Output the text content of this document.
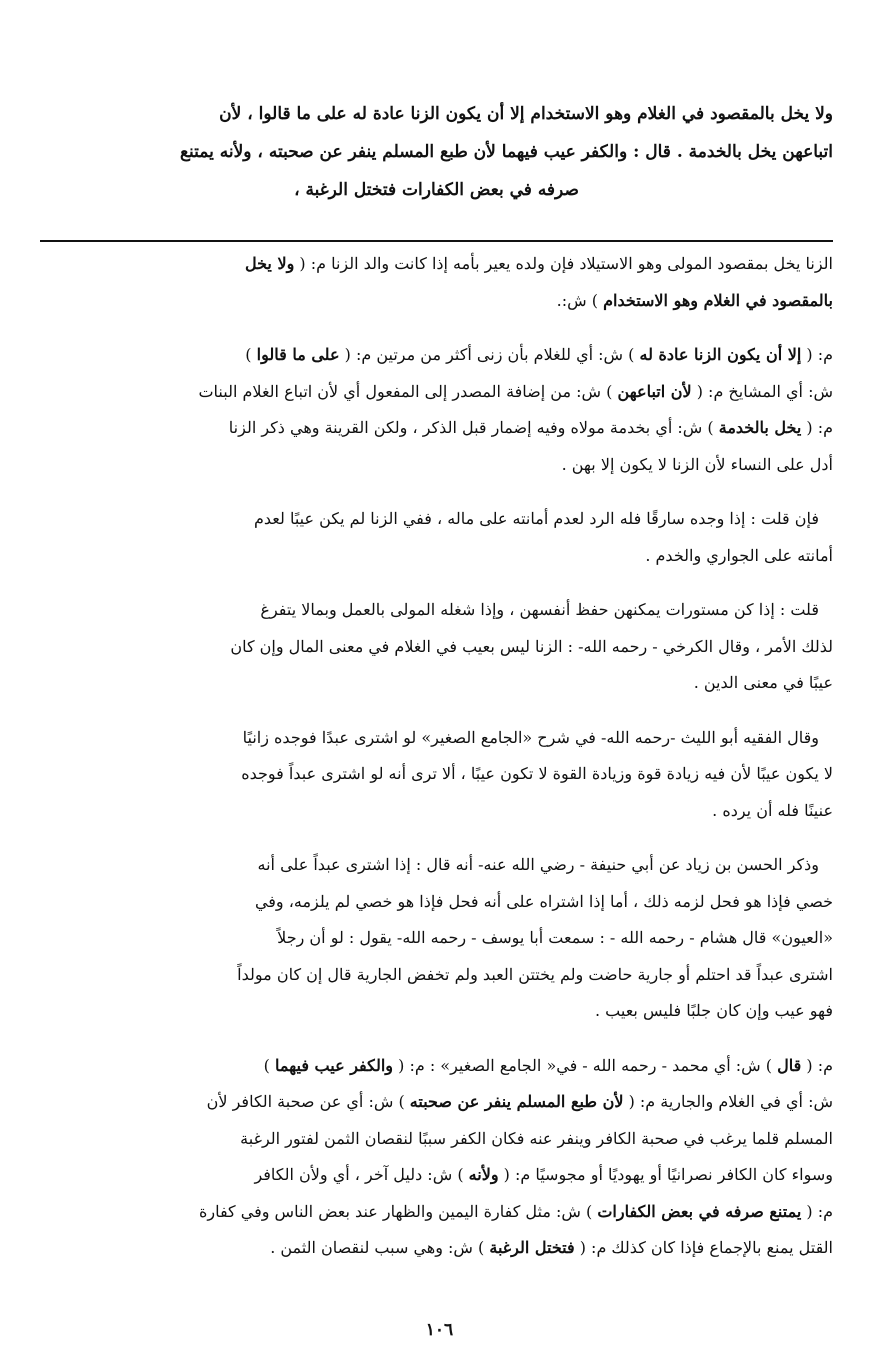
ولا يخل بالمقصود في الغلام وهو الاستخدام إلا أن يكون الزنا عادة له على ما قالوا ، لأن

اتباعهن يخل بالخدمة . قال : والكفر عيب فيهما لأن طبع المسلم ينفر عن صحبته ، ولأنه يمتنع

صرفه في بعض الكفارات فتختل الرغبة ،

الزنا يخل بمقصود المولى وهو الاستيلاد فإن ولده يعير بأمه إذا كانت والد الزنا م: ( ولا يخل

بالمقصود في الغلام وهو الاستخدام ) ش:.

م: ( إلا أن يكون الزنا عادة له ) ش: أي للغلام بأن زنى أكثر من مرتين م: ( على ما قالوا )

ش: أي المشايخ م: ( لأن اتباعهن ) ش: من إضافة المصدر إلى المفعول أي لأن اتباع الغلام البنات

م: ( يخل بالخدمة ) ش: أي بخدمة مولاه وفيه إضمار قبل الذكر ، ولكن القرينة وهي ذكر الزنا

أدل على النساء لأن الزنا لا يكون إلا بهن .

فإن قلت : إذا وجده سارقًا فله الرد لعدم أمانته على ماله ، ففي الزنا لم يكن عيبًا لعدم

أمانته على الجواري والخدم .

قلت : إذا كن مستورات يمكنهن حفظ أنفسهن ، وإذا شغله المولى بالعمل وبمالا يتفرغ

لذلك الأمر ، وقال الكرخي - رحمه الله- : الزنا ليس بعيب في الغلام في معنى المال وإن كان

عيبًا في معنى الدين .

وقال الفقيه أبو الليث -رحمه الله- في شرح «الجامع الصغير» لو اشترى عبدًا فوجده زانيًا

لا يكون عيبًا لأن فيه زيادة قوة وزيادة القوة لا تكون عيبًا ، ألا ترى أنه لو اشترى عبداً فوجده

عنينًا فله أن يرده .

وذكر الحسن بن زياد عن أبي حنيفة - رضي الله عنه- أنه قال : إذا اشترى عبداً على أنه

خصي فإذا هو فحل لزمه ذلك ، أما إذا اشتراه على أنه فحل فإذا هو خصي لم يلزمه، وفي

«العيون» قال هشام - رحمه الله - : سمعت أبا يوسف - رحمه الله- يقول : لو أن رجلاً

اشترى عبداً قد احتلم أو جارية حاضت ولم يختتن العبد ولم تخفض الجارية قال إن كان مولداً

فهو عيب وإن كان جلبًا فليس بعيب .

م: ( قال ) ش: أي محمد - رحمه الله - في« الجامع الصغير» : م: ( والكفر عيب فيهما )

ش: أي في الغلام والجارية م: ( لأن طبع المسلم ينفر عن صحبته ) ش: أي عن صحبة الكافر لأن

المسلم قلما يرغب في صحبة الكافر وينفر عنه فكان الكفر سببًا لنقصان الثمن لفتور الرغبة

وسواء كان الكافر نصرانيًا أو يهوديًا أو مجوسيًا م: ( ولأنه ) ش: دليل آخر ، أي ولأن الكافر

م: ( يمتنع صرفه في بعض الكفارات ) ش: مثل كفارة اليمين والظهار عند بعض الناس وفي كفارة

القتل يمنع بالإجماع فإذا كان كذلك م: ( فتختل الرغبة ) ش: وهي سبب لنقصان الثمن .

١٠٦
